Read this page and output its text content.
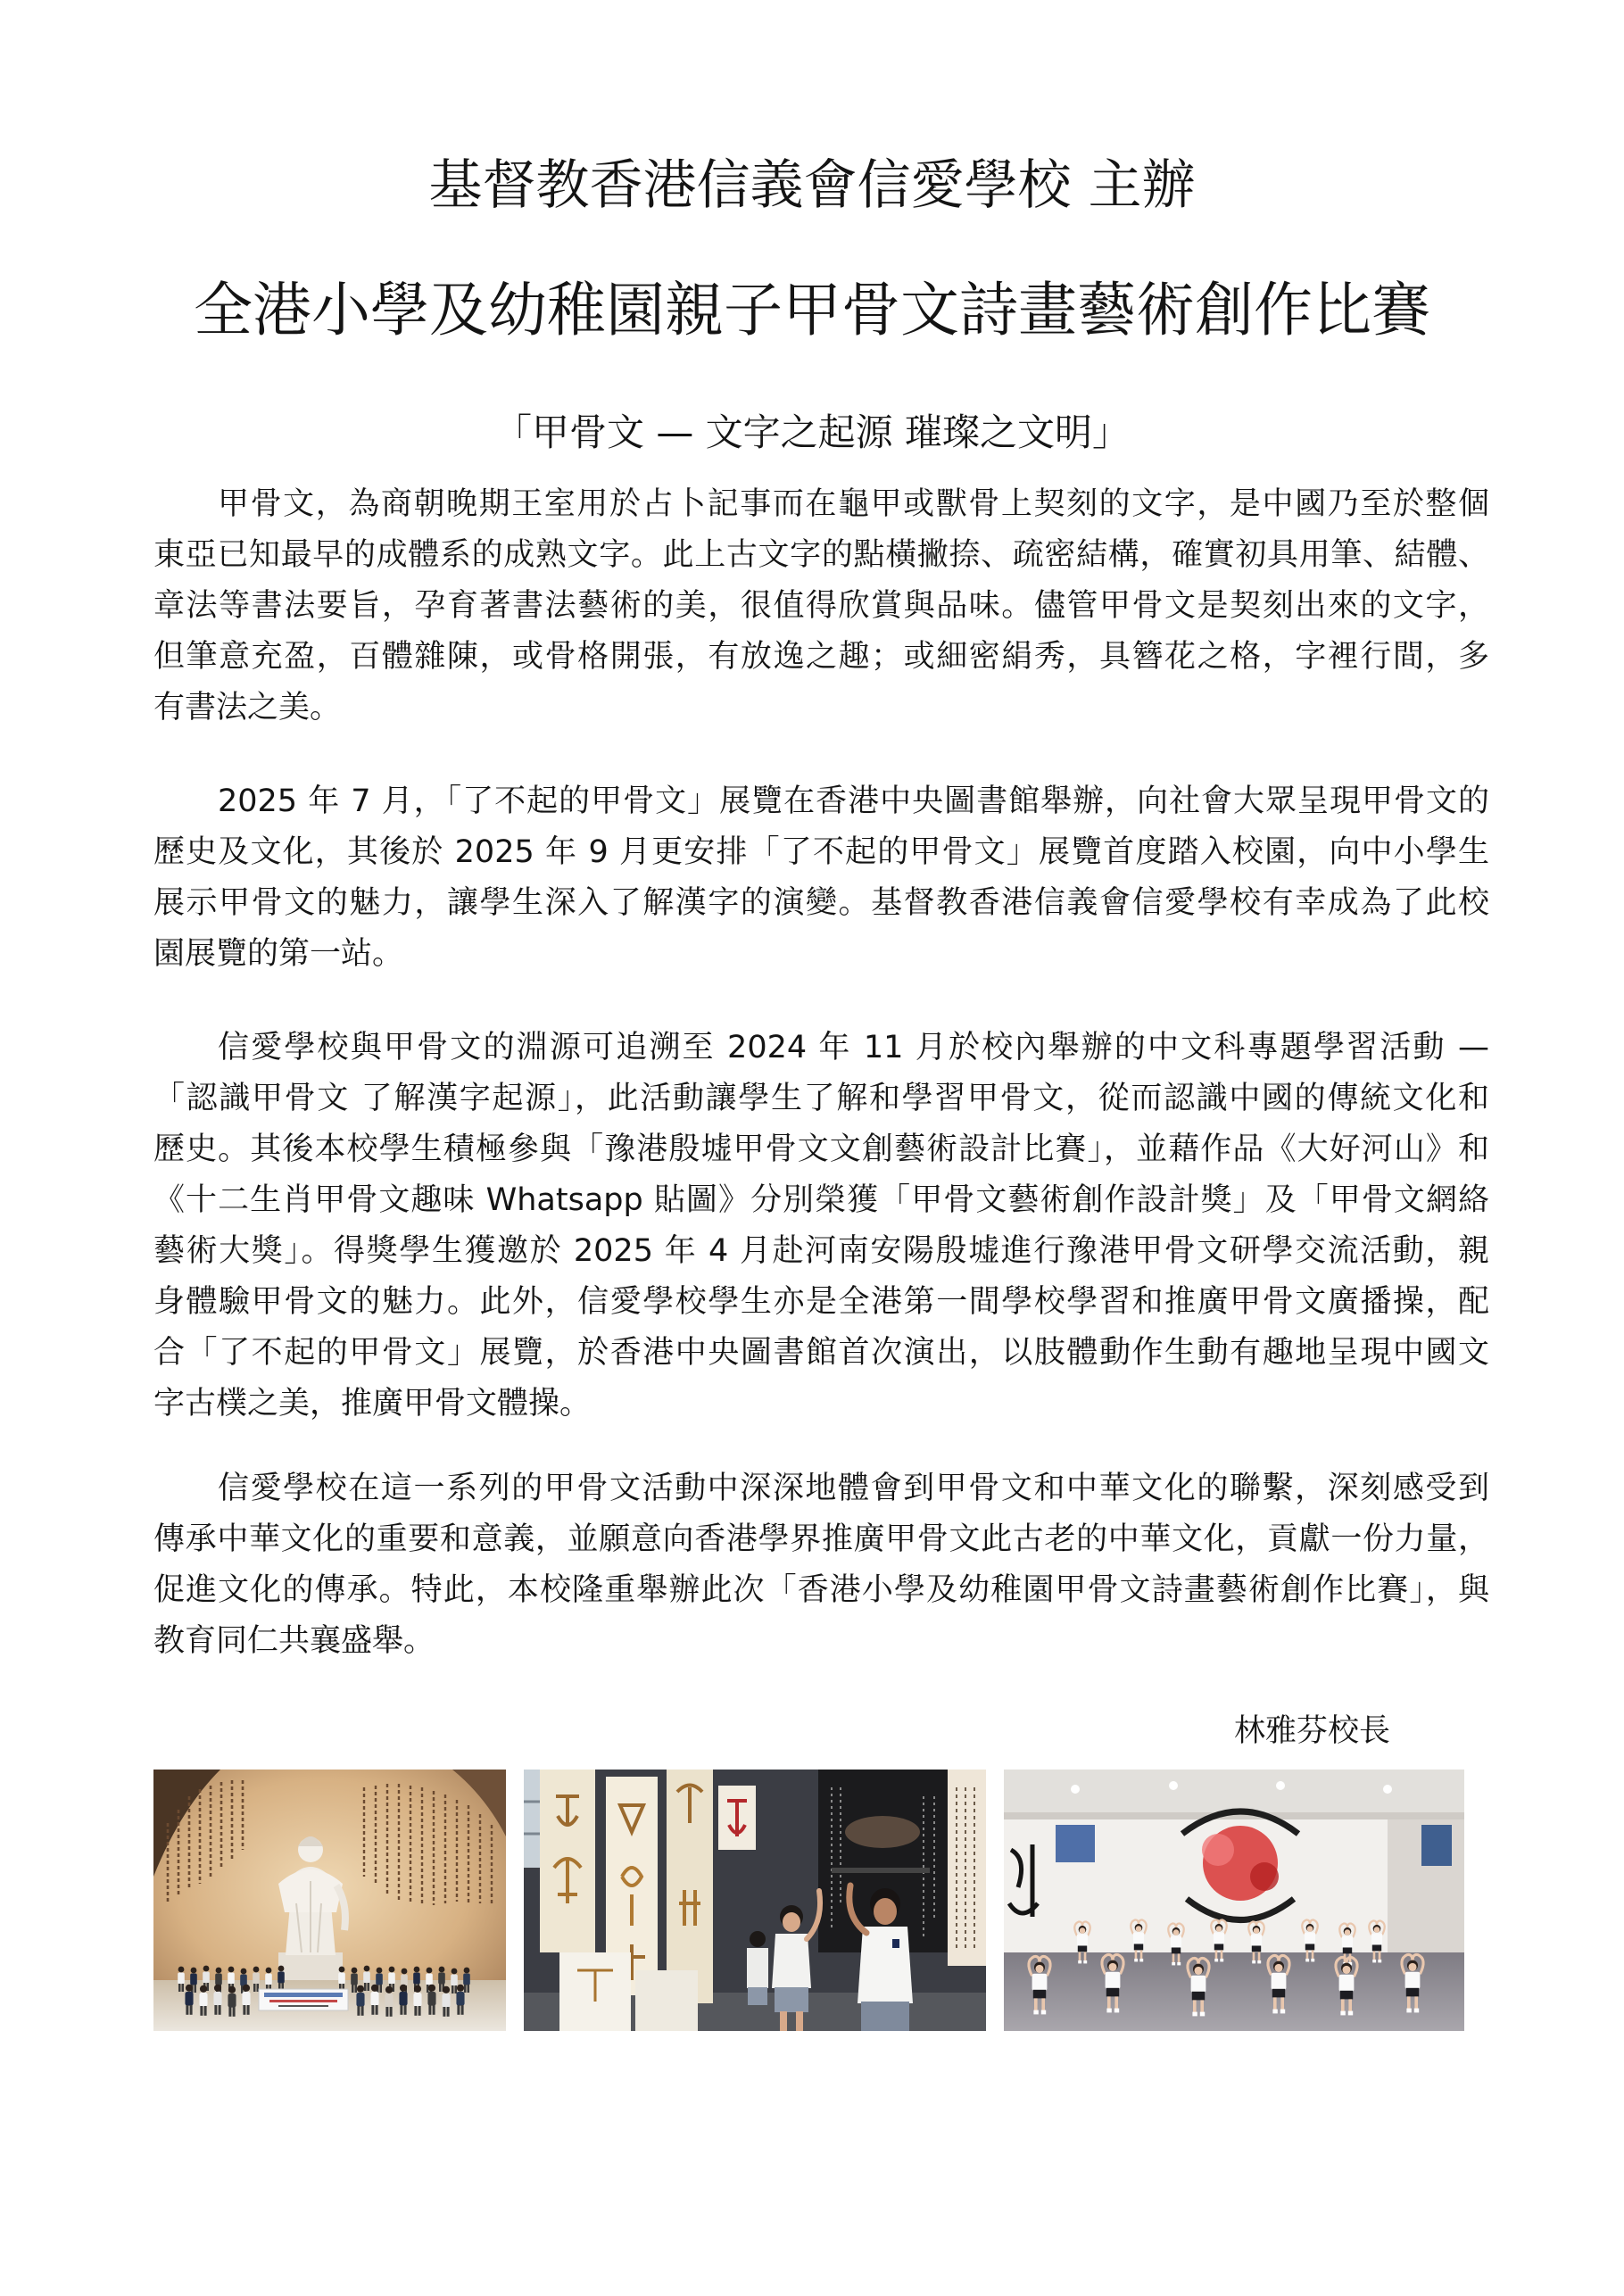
基督教香港信義會信愛學校 主辦
全港小學及幼稚園親子甲骨文詩畫藝術創作比賽
「甲骨文 — 文字之起源 璀璨之文明」
甲骨文，為商朝晚期王室用於占卜記事而在龜甲或獸骨上契刻的文字，是中國乃至於整個
東亞已知最早的成體系的成熟文字。此上古文字的點橫撇捺、疏密結構，確實初具用筆、結體、
章法等書法要旨，孕育著書法藝術的美，很值得欣賞與品味。儘管甲骨文是契刻出來的文字，
但筆意充盈，百體雜陳，或骨格開張，有放逸之趣；或細密絹秀，具簪花之格，字裡行間，多
有書法之美。
2025 年 7 月，「了不起的甲骨文」展覽在香港中央圖書館舉辦，向社會大眾呈現甲骨文的
歷史及文化，其後於 2025 年 9 月更安排「了不起的甲骨文」展覽首度踏入校園，向中小學生
展示甲骨文的魅力，讓學生深入了解漢字的演變。基督教香港信義會信愛學校有幸成為了此校
園展覽的第一站。
信愛學校與甲骨文的淵源可追溯至 2024 年 11 月於校內舉辦的中文科專題學習活動 —
「認識甲骨文 了解漢字起源」，此活動讓學生了解和學習甲骨文，從而認識中國的傳統文化和
歷史。其後本校學生積極參與「豫港殷墟甲骨文文創藝術設計比賽」，並藉作品《大好河山》和
《十二生肖甲骨文趣味 Whatsapp 貼圖》分別榮獲「甲骨文藝術創作設計獎」及「甲骨文網絡
藝術大獎」。得獎學生獲邀於 2025 年 4 月赴河南安陽殷墟進行豫港甲骨文研學交流活動，親
身體驗甲骨文的魅力。此外，信愛學校學生亦是全港第一間學校學習和推廣甲骨文廣播操，配
合「了不起的甲骨文」展覽，於香港中央圖書館首次演出，以肢體動作生動有趣地呈現中國文
字古樸之美，推廣甲骨文體操。
信愛學校在這一系列的甲骨文活動中深深地體會到甲骨文和中華文化的聯繫，深刻感受到
傳承中華文化的重要和意義，並願意向香港學界推廣甲骨文此古老的中華文化，貢獻一份力量，
促進文化的傳承。特此，本校隆重舉辦此次「香港小學及幼稚園甲骨文詩畫藝術創作比賽」，與
教育同仁共襄盛舉。
林雅芬校長
